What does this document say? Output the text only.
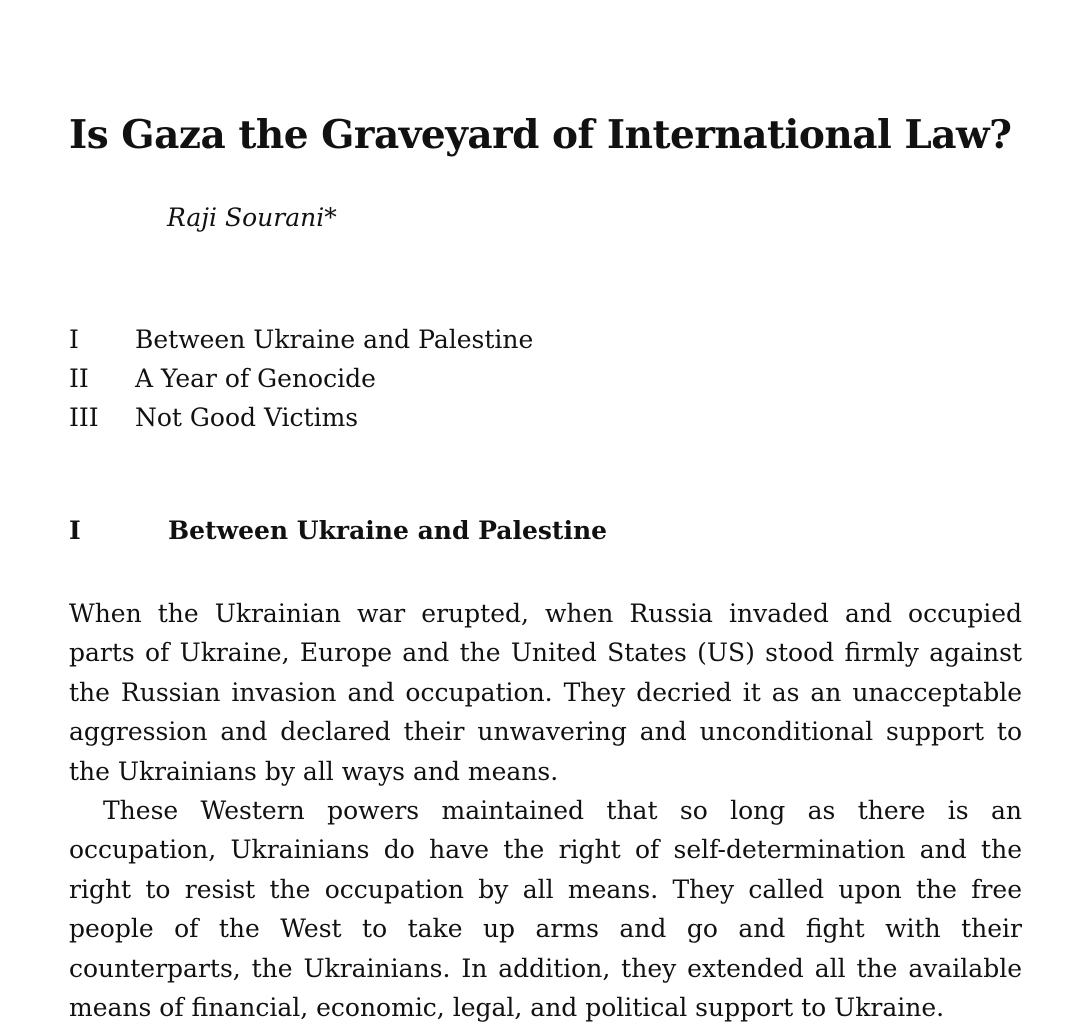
Is Gaza the Graveyard of International Law?
Raji Sourani*
I Between Ukraine and Palestine
II A Year of Genocide
III Not Good Victims
I	Between Ukraine and Palestine

When the Ukrainian war erupted, when Russia invaded and occupied parts of Ukraine, Europe and the United States (US) stood firmly against the Russian invasion and occupation. They decried it as an unacceptable aggression and declared their unwavering and unconditional support to the Ukrainians by all ways and means.

These Western powers maintained that so long as there is an occupation, Ukrainians do have the right of self-determination and the right to resist the occupation by all means. They called upon the free people of the West to take up arms and go and fight with their counterparts, the Ukrainians. In addition, they extended all the available means of financial, economic, legal, and political support to Ukraine.
